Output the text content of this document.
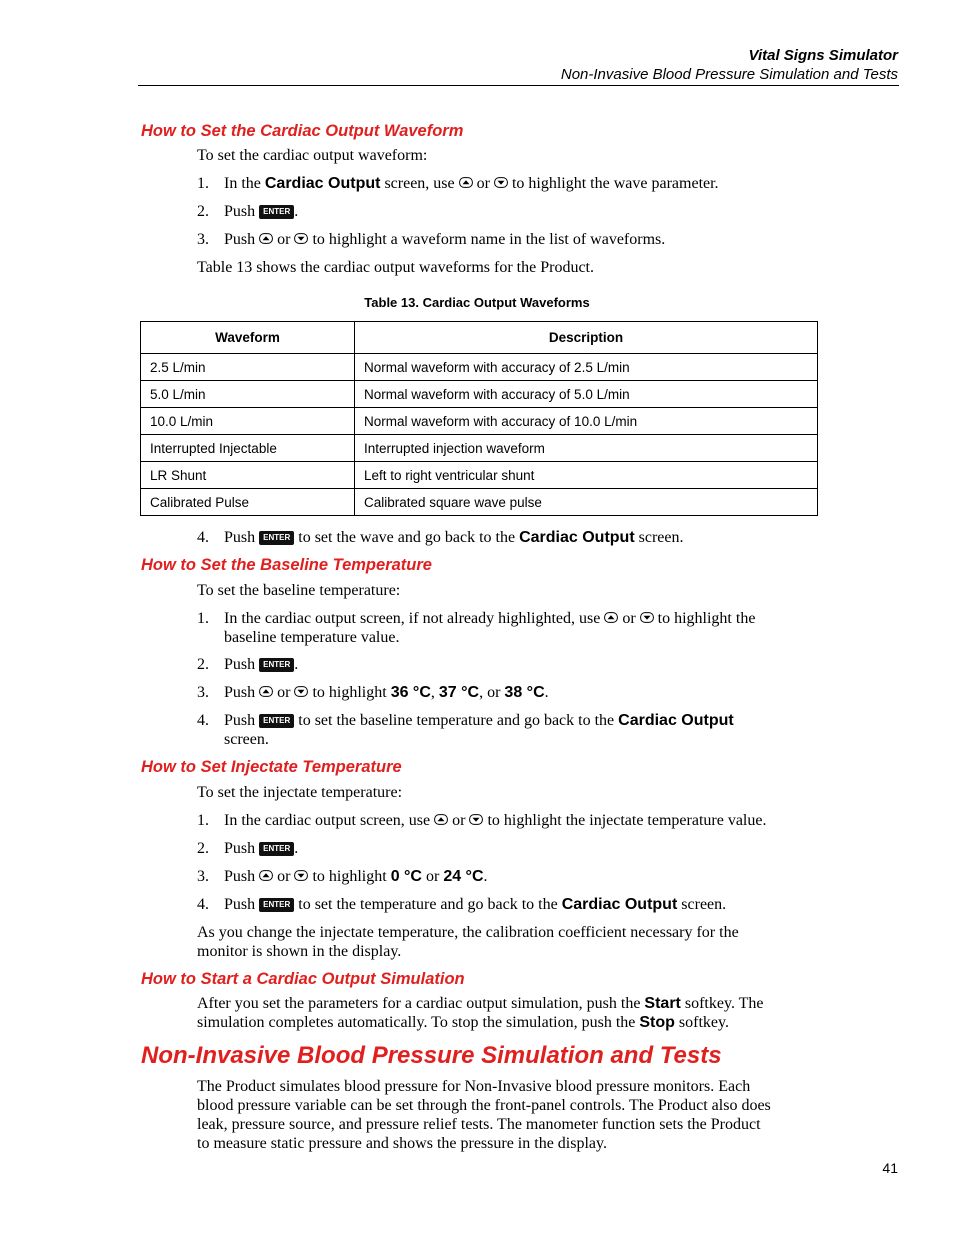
Vital Signs Simulator
Non-Invasive Blood Pressure Simulation and Tests
How to Set the Cardiac Output Waveform
To set the cardiac output waveform:
1. In the Cardiac Output screen, use  or  to highlight the wave parameter.
2. Push ENTER .
3. Push  or  to highlight a waveform name in the list of waveforms.
Table 13 shows the cardiac output waveforms for the Product.
Table 13. Cardiac Output Waveforms
Waveform	Description
2.5 L/min	Normal waveform with accuracy of 2.5 L/min
5.0 L/min	Normal waveform with accuracy of 5.0 L/min
10.0 L/min	Normal waveform with accuracy of 10.0 L/min
Interrupted Injectable	Interrupted injection waveform
LR Shunt	Left to right ventricular shunt
Calibrated Pulse	Calibrated square wave pulse
4. Push ENTER to set the wave and go back to the Cardiac Output screen.
How to Set the Baseline Temperature
To set the baseline temperature:
1. In the cardiac output screen, if not already highlighted, use  or  to highlight the
baseline temperature value.
2. Push ENTER .
3. Push  or  to highlight 36 °C, 37 °C, or 38 °C.
4. Push ENTER to set the baseline temperature and go back to the Cardiac Output
screen.
How to Set Injectate Temperature
To set the injectate temperature:
1. In the cardiac output screen, use  or  to highlight the injectate temperature value.
2. Push ENTER .
3. Push  or  to highlight 0 °C or 24 °C.
4. Push ENTER to set the temperature and go back to the Cardiac Output screen.
As you change the injectate temperature, the calibration coefficient necessary for the
monitor is shown in the display.
How to Start a Cardiac Output Simulation
After you set the parameters for a cardiac output simulation, push the Start softkey. The
simulation completes automatically. To stop the simulation, push the Stop softkey.
Non-Invasive Blood Pressure Simulation and Tests
The Product simulates blood pressure for Non-Invasive blood pressure monitors. Each
blood pressure variable can be set through the front-panel controls. The Product also does
leak, pressure source, and pressure relief tests. The manometer function sets the Product
to measure static pressure and shows the pressure in the display.
41
